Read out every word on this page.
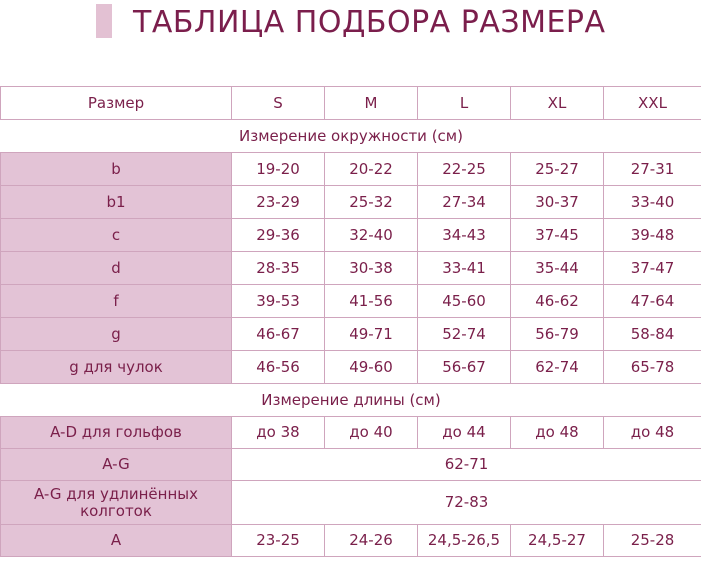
ТАБЛИЦА ПОДБОРА РАЗМЕРА
Размер	S	M	L	XL	XXL
Измерение окружности (см)					
b	19-20	20-22	22-25	25-27	27-31
b1	23-29	25-32	27-34	30-37	33-40
c	29-36	32-40	34-43	37-45	39-48
d	28-35	30-38	33-41	35-44	37-47
f	39-53	41-56	45-60	46-62	47-64
g	46-67	49-71	52-74	56-79	58-84
g для чулок	46-56	49-60	56-67	62-74	65-78
Измерение длины (см)					
A-D для гольфов	до 38	до 40	до 44	до 48	до 48
A-G	62-71				
A-G для удлинённых колготок	72-83				
A	23-25	24-26	24,5-26,5	24,5-27	25-28
